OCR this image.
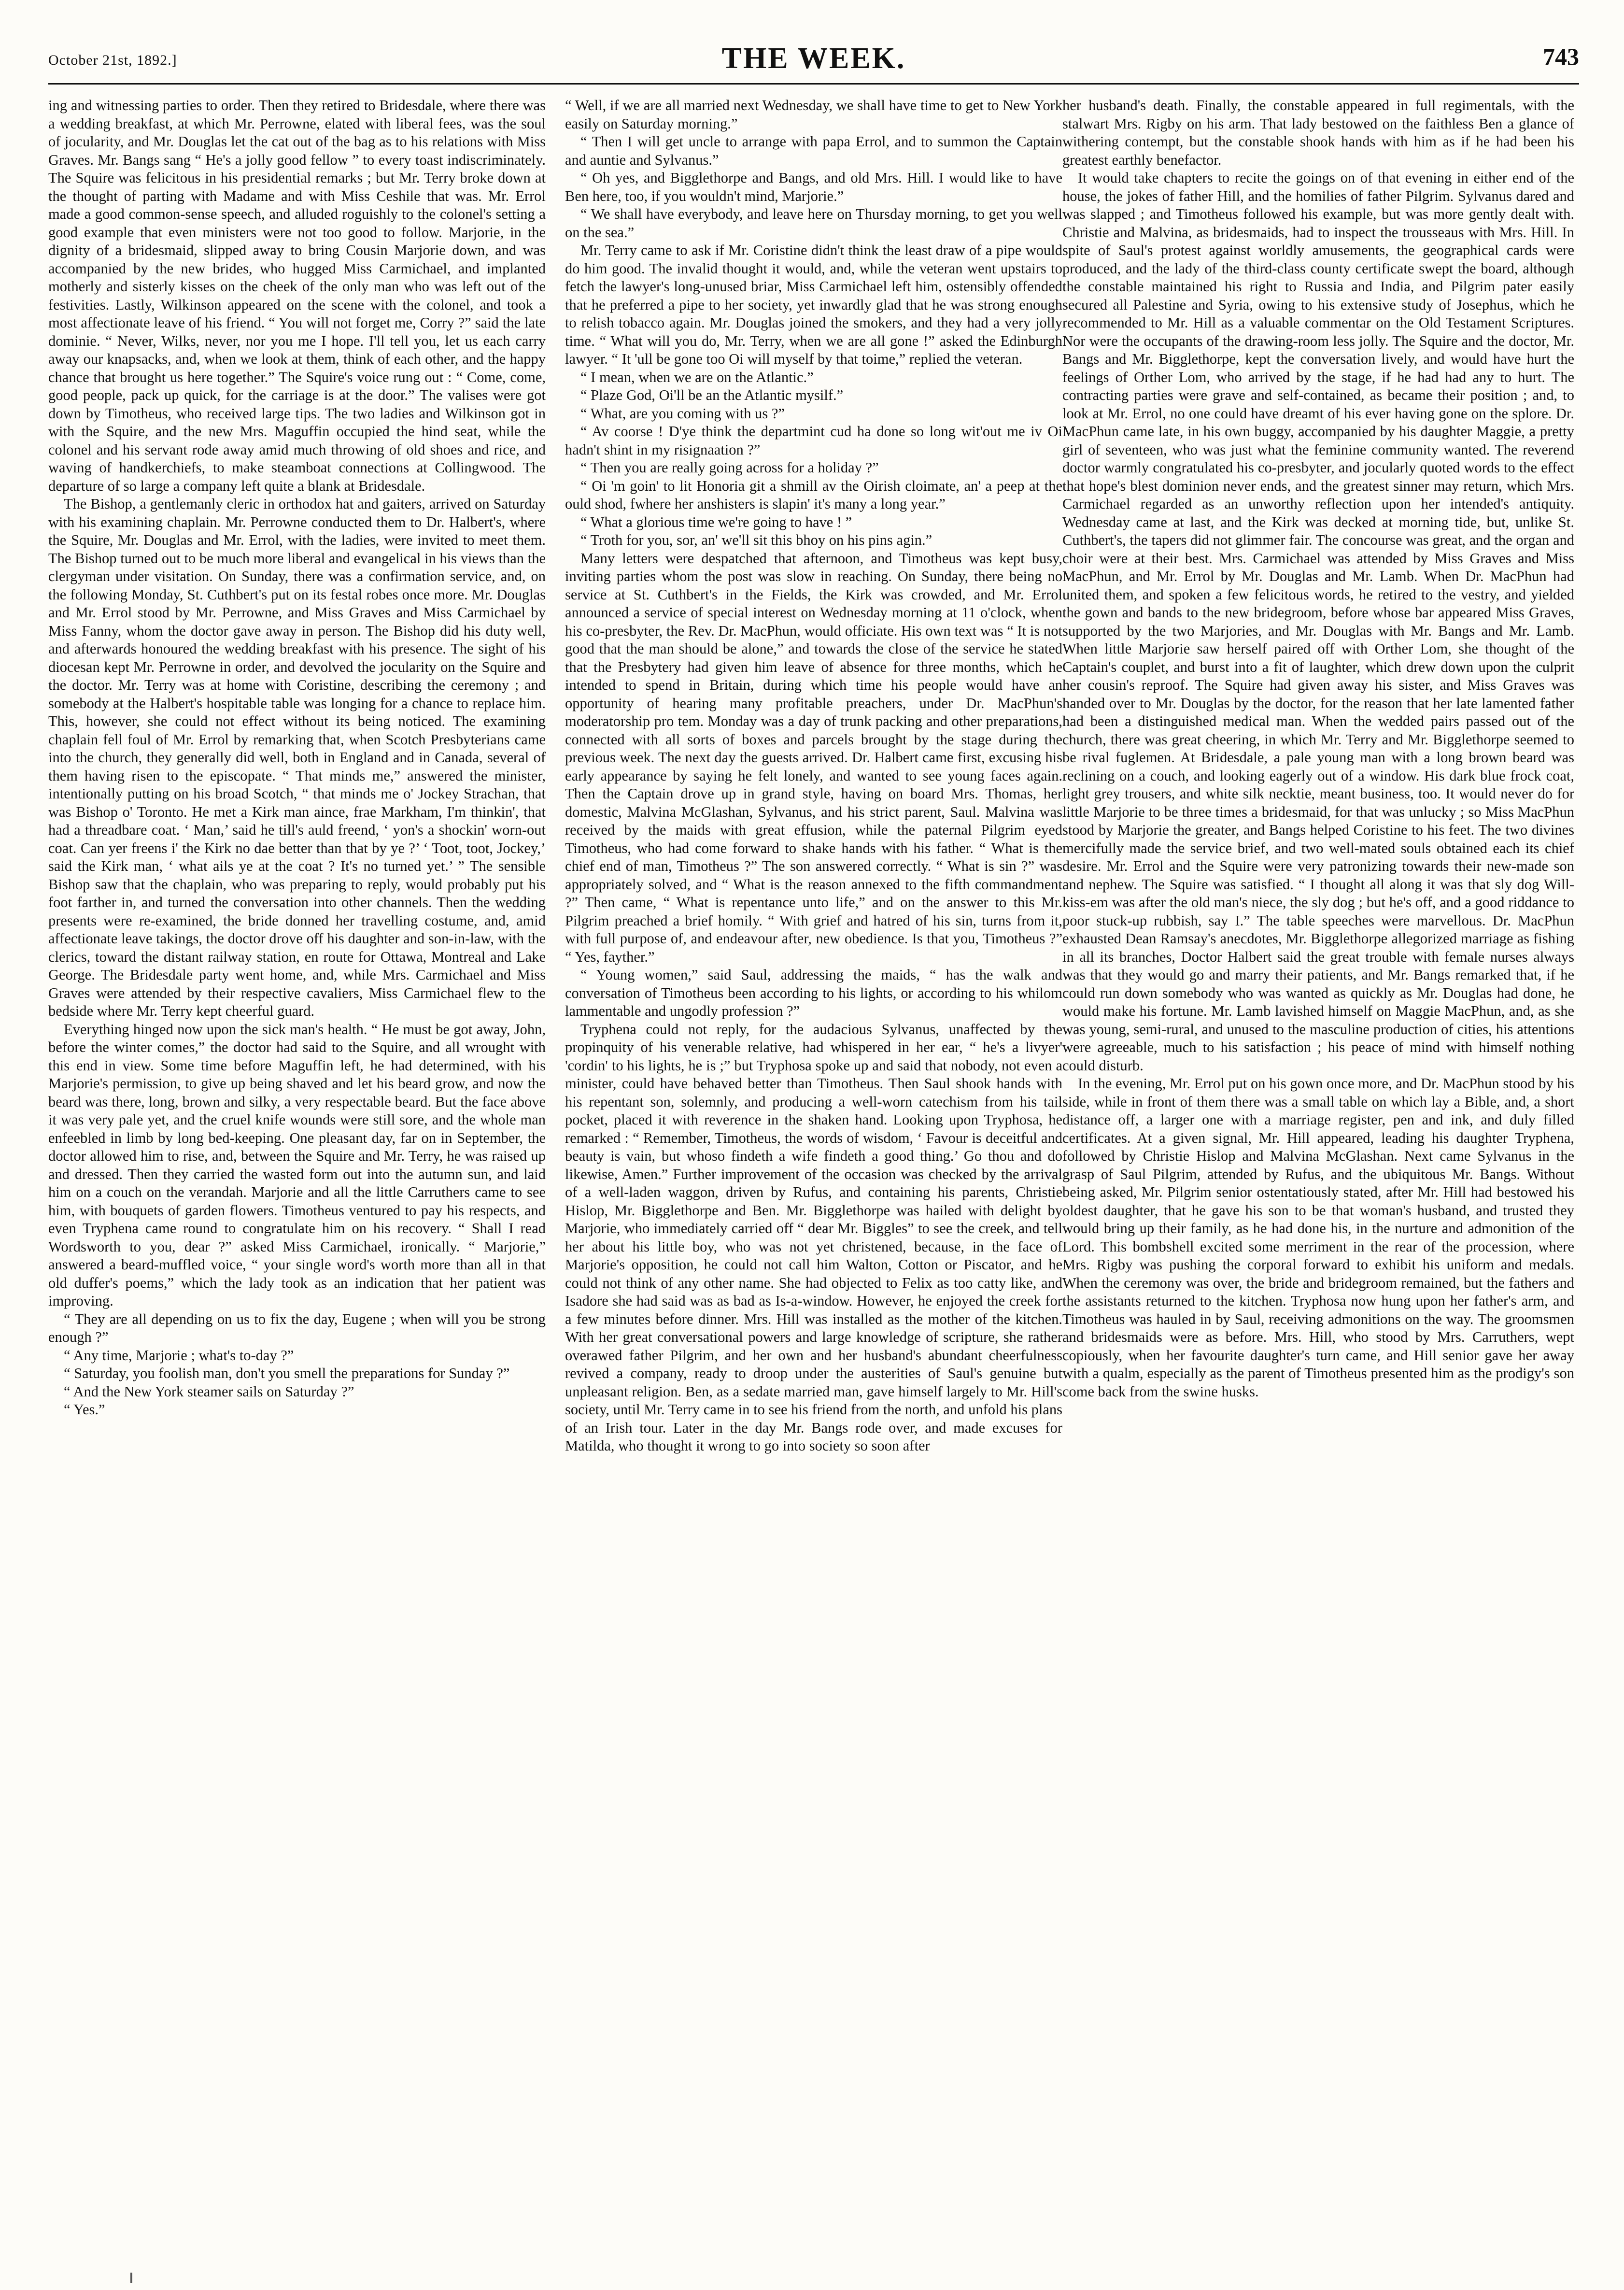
October 21st, 1892.]	THE WEEK.	743

ing and witnessing parties to order. Then they retired to Bridesdale, where there was a wedding breakfast, at which Mr. Perrowne, elated with liberal fees, was the soul of jocularity, and Mr. Douglas let the cat out of the bag as to his relations with Miss Graves. Mr. Bangs sang “ He's a jolly good fellow ” to every toast indiscriminately. The Squire was felicitous in his presidential remarks ; but Mr. Terry broke down at the thought of parting with Madame and with Miss Ceshile that was. Mr. Errol made a good common-sense speech, and alluded roguishly to the colonel's setting a good example that even ministers were not too good to follow. Marjorie, in the dignity of a bridesmaid, slipped away to bring Cousin Marjorie down, and was accompanied by the new brides, who hugged Miss Carmichael, and implanted motherly and sisterly kisses on the cheek of the only man who was left out of the festivities. Lastly, Wilkinson appeared on the scene with the colonel, and took a most affectionate leave of his friend. “ You will not forget me, Corry ?” said the late dominie. “ Never, Wilks, never, nor you me I hope. I'll tell you, let us each carry away our knapsacks, and, when we look at them, think of each other, and the happy chance that brought us here together.” The Squire's voice rung out : “ Come, come, good people, pack up quick, for the carriage is at the door.” The valises were got down by Timotheus, who received large tips. The two ladies and Wilkinson got in with the Squire, and the new Mrs. Maguffin occupied the hind seat, while the colonel and his servant rode away amid much throwing of old shoes and rice, and waving of handkerchiefs, to make steamboat connections at Collingwood. The departure of so large a company left quite a blank at Bridesdale.

The Bishop, a gentlemanly cleric in orthodox hat and gaiters, arrived on Saturday with his examining chaplain. Mr. Perrowne conducted them to Dr. Halbert's, where the Squire, Mr. Douglas and Mr. Errol, with the ladies, were invited to meet them. The Bishop turned out to be much more liberal and evangelical in his views than the clergyman under visitation. On Sunday, there was a confirmation service, and, on the following Monday, St. Cuthbert's put on its festal robes once more. Mr. Douglas and Mr. Errol stood by Mr. Perrowne, and Miss Graves and Miss Carmichael by Miss Fanny, whom the doctor gave away in person. The Bishop did his duty well, and afterwards honoured the wedding breakfast with his presence. The sight of his diocesan kept Mr. Perrowne in order, and devolved the jocularity on the Squire and the doctor. Mr. Terry was at home with Coristine, describing the ceremony ; and somebody at the Halbert's hospitable table was longing for a chance to replace him. This, however, she could not effect without its being noticed. The examining chaplain fell foul of Mr. Errol by remarking that, when Scotch Presbyterians came into the church, they generally did well, both in England and in Canada, several of them having risen to the episcopate. “ That minds me,” answered the minister, intentionally putting on his broad Scotch, “ that minds me o' Jockey Strachan, that was Bishop o' Toronto. He met a Kirk man aince, frae Markham, I'm thinkin', that had a threadbare coat. ‘ Man,’ said he till's auld freend, ‘ yon's a shockin' worn-out coat. Can yer freens i' the Kirk no dae better than that by ye ?’ ‘ Toot, toot, Jockey,’ said the Kirk man, ‘ what ails ye at the coat ? It's no turned yet.’ ” The sensible Bishop saw that the chaplain, who was preparing to reply, would probably put his foot farther in, and turned the conversation into other channels. Then the wedding presents were re-examined, the bride donned her travelling costume, and, amid affectionate leave takings, the doctor drove off his daughter and son-in-law, with the clerics, toward the distant railway station, en route for Ottawa, Montreal and Lake George. The Bridesdale party went home, and, while Mrs. Carmichael and Miss Graves were attended by their respective cavaliers, Miss Carmichael flew to the bedside where Mr. Terry kept cheerful guard.

Everything hinged now upon the sick man's health. “ He must be got away, John, before the winter comes,” the doctor had said to the Squire, and all wrought with this end in view. Some time before Maguffin left, he had determined, with his Marjorie's permission, to give up being shaved and let his beard grow, and now the beard was there, long, brown and silky, a very respectable beard. But the face above it was very pale yet, and the cruel knife wounds were still sore, and the whole man enfeebled in limb by long bed-keeping. One pleasant day, far on in September, the doctor allowed him to rise, and, between the Squire and Mr. Terry, he was raised up and dressed. Then they carried the wasted form out into the autumn sun, and laid him on a couch on the verandah. Marjorie and all the little Carruthers came to see him, with bouquets of garden flowers. Timotheus ventured to pay his respects, and even Tryphena came round to congratulate him on his recovery. “ Shall I read Wordsworth to you, dear ?” asked Miss Carmichael, ironically. “ Marjorie,” answered a beard-muffled voice, “ your single word's worth more than all in that old duffer's poems,” which the lady took as an indication that her patient was improving.

“ They are all depending on us to fix the day, Eugene ; when will you be strong enough ?”

“ Any time, Marjorie ; what's to-day ?”

“ Saturday, you foolish man, don't you smell the preparations for Sunday ?”

“ And the New York steamer sails on Saturday ?”

“ Yes.”

“ Well, if we are all married next Wednesday, we shall have time to get to New York easily on Saturday morning.”

“ Then I will get uncle to arrange with papa Errol, and to summon the Captain and auntie and Sylvanus.”

“ Oh yes, and Bigglethorpe and Bangs, and old Mrs. Hill. I would like to have Ben here, too, if you wouldn't mind, Marjorie.”

“ We shall have everybody, and leave here on Thursday morning, to get you well on the sea.”

Mr. Terry came to ask if Mr. Coristine didn't think the least draw of a pipe would do him good. The invalid thought it would, and, while the veteran went upstairs to fetch the lawyer's long-unused briar, Miss Carmichael left him, ostensibly offended that he preferred a pipe to her society, yet inwardly glad that he was strong enough to relish tobacco again. Mr. Douglas joined the smokers, and they had a very jolly time. “ What will you do, Mr. Terry, when we are all gone !” asked the Edinburgh lawyer. “ It 'ull be gone too Oi will myself by that toime,” replied the veteran.

“ I mean, when we are on the Atlantic.”

“ Plaze God, Oi'll be an the Atlantic mysilf.”

“ What, are you coming with us ?”

“ Av coorse ! D'ye think the departmint cud ha done so long wit'out me iv Oi hadn't shint in my risignaation ?”

“ Then you are really going across for a holiday ?”

“ Oi 'm goin' to lit Honoria git a shmill av the Oirish cloimate, an' a peep at the ould shod, fwhere her anshisters is slapin' it's many a long year.”

“ What a glorious time we're going to have ! ”

“ Troth for you, sor, an' we'll sit this bhoy on his pins agin.”

Many letters were despatched that afternoon, and Timotheus was kept busy, inviting parties whom the post was slow in reaching. On Sunday, there being no service at St. Cuthbert's in the Fields, the Kirk was crowded, and Mr. Errol announced a service of special interest on Wednesday morning at 11 o'clock, when his co-presbyter, the Rev. Dr. MacPhun, would officiate. His own text was “ It is not good that the man should be alone,” and towards the close of the service he stated that the Presbytery had given him leave of absence for three months, which he intended to spend in Britain, during which time his people would have an opportunity of hearing many profitable preachers, under Dr. MacPhun's moderatorship pro tem. Monday was a day of trunk packing and other preparations, connected with all sorts of boxes and parcels brought by the stage during the previous week. The next day the guests arrived. Dr. Halbert came first, excusing his early appearance by saying he felt lonely, and wanted to see young faces again. Then the Captain drove up in grand style, having on board Mrs. Thomas, her domestic, Malvina McGlashan, Sylvanus, and his strict parent, Saul. Malvina was received by the maids with great effusion, while the paternal Pilgrim eyed Timotheus, who had come forward to shake hands with his father. “ What is the chief end of man, Timotheus ?” The son answered correctly. “ What is sin ?” was appropriately solved, and “ What is the reason annexed to the fifth commandment ?” Then came, “ What is repentance unto life,” and on the answer to this Mr. Pilgrim preached a brief homily. “ With grief and hatred of his sin, turns from it, with full purpose of, and endeavour after, new obedience. Is that you, Timotheus ?” “ Yes, fayther.”

“ Young women,” said Saul, addressing the maids, “ has the walk and conversation of Timotheus been according to his lights, or according to his whilom lammentable and ungodly profession ?”

Tryphena could not reply, for the audacious Sylvanus, unaffected by the propinquity of his venerable relative, had whispered in her ear, “ he's a livyer' 'cordin' to his lights, he is ;” but Tryphosa spoke up and said that nobody, not even a minister, could have behaved better than Timotheus. Then Saul shook hands with his repentant son, solemnly, and producing a well-worn catechism from his tail pocket, placed it with reverence in the shaken hand. Looking upon Tryphosa, he remarked : “ Remember, Timotheus, the words of wisdom, ‘ Favour is deceitful and beauty is vain, but whoso findeth a wife findeth a good thing.’ Go thou and do likewise, Amen.” Further improvement of the occasion was checked by the arrival of a well-laden waggon, driven by Rufus, and containing his parents, Christie Hislop, Mr. Bigglethorpe and Ben. Mr. Bigglethorpe was hailed with delight by Marjorie, who immediately carried off “ dear Mr. Biggles” to see the creek, and tell her about his little boy, who was not yet christened, because, in the face of Marjorie's opposition, he could not call him Walton, Cotton or Piscator, and he could not think of any other name. She had objected to Felix as too catty like, and Isadore she had said was as bad as Is-a-window. However, he enjoyed the creek for a few minutes before dinner. Mrs. Hill was installed as the mother of the kitchen. With her great conversational powers and large knowledge of scripture, she rather overawed father Pilgrim, and her own and her husband's abundant cheerfulness revived a company, ready to droop under the austerities of Saul's genuine but unpleasant religion. Ben, as a sedate married man, gave himself largely to Mr. Hill's society, until Mr. Terry came in to see his friend from the north, and unfold his plans of an Irish tour. Later in the day Mr. Bangs rode over, and made excuses for Matilda, who thought it wrong to go into society so soon after

her husband's death. Finally, the constable appeared in full regimentals, with the stalwart Mrs. Rigby on his arm. That lady bestowed on the faithless Ben a glance of withering contempt, but the constable shook hands with him as if he had been his greatest earthly benefactor.

It would take chapters to recite the goings on of that evening in either end of the house, the jokes of father Hill, and the homilies of father Pilgrim. Sylvanus dared and was slapped ; and Timotheus followed his example, but was more gently dealt with. Christie and Malvina, as bridesmaids, had to inspect the trousseaus with Mrs. Hill. In spite of Saul's protest against worldly amusements, the geographical cards were produced, and the lady of the third-class county certificate swept the board, although the constable maintained his right to Russia and India, and Pilgrim pater easily secured all Palestine and Syria, owing to his extensive study of Josephus, which he recommended to Mr. Hill as a valuable commentar on the Old Testament Scriptures. Nor were the occupants of the drawing-room less jolly. The Squire and the doctor, Mr. Bangs and Mr. Bigglethorpe, kept the conversation lively, and would have hurt the feelings of Orther Lom, who arrived by the stage, if he had had any to hurt. The contracting parties were grave and self-contained, as became their position ; and, to look at Mr. Errol, no one could have dreamt of his ever having gone on the splore. Dr. MacPhun came late, in his own buggy, accompanied by his daughter Maggie, a pretty girl of seventeen, who was just what the feminine community wanted. The reverend doctor warmly congratulated his co-presbyter, and jocularly quoted words to the effect that hope's blest dominion never ends, and the greatest sinner may return, which Mrs. Carmichael regarded as an unworthy reflection upon her intended's antiquity. Wednesday came at last, and the Kirk was decked at morning tide, but, unlike St. Cuthbert's, the tapers did not glimmer fair. The concourse was great, and the organ and choir were at their best. Mrs. Carmichael was attended by Miss Graves and Miss MacPhun, and Mr. Errol by Mr. Douglas and Mr. Lamb. When Dr. MacPhun had united them, and spoken a few felicitous words, he retired to the vestry, and yielded the gown and bands to the new bridegroom, before whose bar appeared Miss Graves, supported by the two Marjories, and Mr. Douglas with Mr. Bangs and Mr. Lamb. When little Marjorie saw herself paired off with Orther Lom, she thought of the Captain's couplet, and burst into a fit of laughter, which drew down upon the culprit her cousin's reproof. The Squire had given away his sister, and Miss Graves was handed over to Mr. Douglas by the doctor, for the reason that her late lamented father had been a distinguished medical man. When the wedded pairs passed out of the church, there was great cheering, in which Mr. Terry and Mr. Bigglethorpe seemed to be rival fuglemen. At Bridesdale, a pale young man with a long brown beard was reclining on a couch, and looking eagerly out of a window. His dark blue frock coat, light grey trousers, and white silk necktie, meant business, too. It would never do for little Marjorie to be three times a bridesmaid, for that was unlucky ; so Miss MacPhun stood by Marjorie the greater, and Bangs helped Coristine to his feet. The two divines mercifully made the service brief, and two well-mated souls obtained each its chief desire. Mr. Errol and the Squire were very patronizing towards their new-made son and nephew. The Squire was satisfied. “ I thought all along it was that sly dog Will-kiss-em was after the old man's niece, the sly dog ; but he's off, and a good riddance to poor stuck-up rubbish, say I.” The table speeches were marvellous. Dr. MacPhun exhausted Dean Ramsay's anecdotes, Mr. Bigglethorpe allegorized marriage as fishing in all its branches, Doctor Halbert said the great trouble with female nurses always was that they would go and marry their patients, and Mr. Bangs remarked that, if he could run down somebody who was wanted as quickly as Mr. Douglas had done, he would make his fortune. Mr. Lamb lavished himself on Maggie MacPhun, and, as she was young, semi-rural, and unused to the masculine production of cities, his attentions were agreeable, much to his satisfaction ; his peace of mind with himself nothing could disturb.

In the evening, Mr. Errol put on his gown once more, and Dr. MacPhun stood by his side, while in front of them there was a small table on which lay a Bible, and, a short distance off, a larger one with a marriage register, pen and ink, and duly filled certificates. At a given signal, Mr. Hill appeared, leading his daughter Tryphena, followed by Christie Hislop and Malvina McGlashan. Next came Sylvanus in the grasp of Saul Pilgrim, attended by Rufus, and the ubiquitous Mr. Bangs. Without being asked, Mr. Pilgrim senior ostentatiously stated, after Mr. Hill had bestowed his oldest daughter, that he gave his son to be that woman's husband, and trusted they would bring up their family, as he had done his, in the nurture and admonition of the Lord. This bombshell excited some merriment in the rear of the procession, where Mrs. Rigby was pushing the corporal forward to exhibit his uniform and medals. When the ceremony was over, the bride and bridegroom remained, but the fathers and the assistants returned to the kitchen. Tryphosa now hung upon her father's arm, and Timotheus was hauled in by Saul, receiving admonitions on the way. The groomsmen and bridesmaids were as before. Mrs. Hill, who stood by Mrs. Carruthers, wept copiously, when her favourite daughter's turn came, and Hill senior gave her away with a qualm, especially as the parent of Timotheus presented him as the prodigy's son come back from the swine husks.
